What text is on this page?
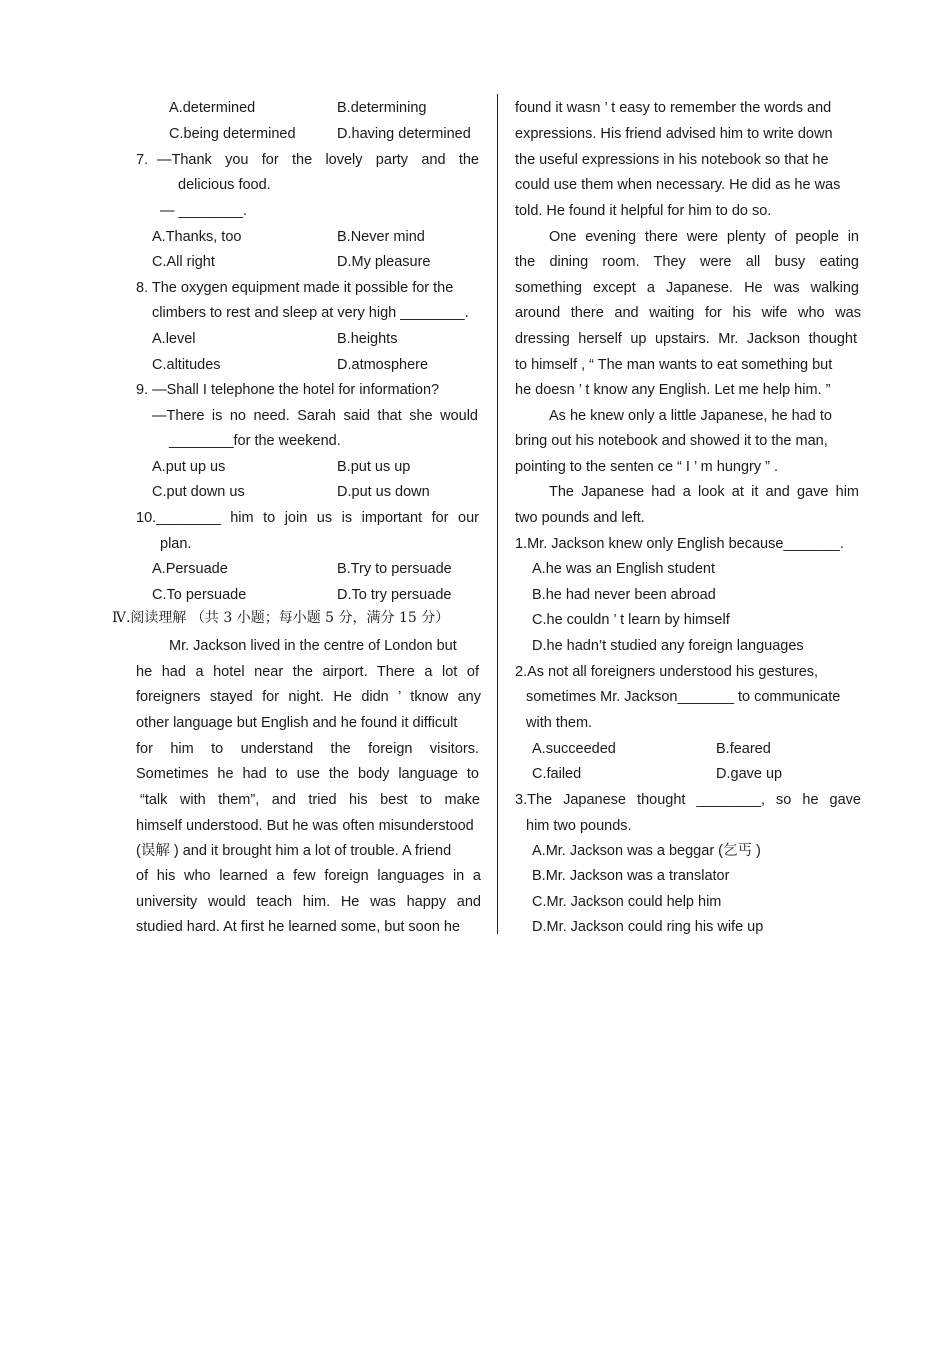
A.determined	B.determining
C.being determined	D.having determined
7. —Thank you for the lovely party and the
delicious food.
— ________.
A.Thanks, too	B.Never mind
C.All right	D.My pleasure
8. The oxygen equipment made it possible for the
climbers to rest and sleep at very high ________.
A.level	B.heights
C.altitudes	D.atmosphere
9. —Shall I telephone the hotel for information?
—There is no need. Sarah said that she would
________for the weekend.
A.put up us	B.put us up
C.put down us	D.put us down
10.________ him to join us is important for our
plan.
A.Persuade	B.Try to persuade
C.To persuade	D.To try persuade
Ⅳ.阅读理解 （共 3 小题；每小题 5 分，满分 15 分）
Mr. Jackson lived in the centre of London but
he had a hotel near the airport. There a lot of
foreigners stayed for night. He didn ’ tknow any
other language but English and he found it difficult
for him to understand the foreign visitors.
Sometimes he had to use the body language to
“talk with them”, and tried his best to make
himself understood. But he was often misunderstood
(误解 ) and it brought him a lot of trouble. A friend
of his who learned a few foreign languages in a
university would teach him. He was happy and
studied hard. At first he learned some, but soon he
found it wasn ’ t easy to remember the words and
expressions. His friend advised him to write down
the useful expressions in his notebook so that he
could use them when necessary. He did as he was
told. He found it helpful for him to do so.
One evening there were plenty of people in
the dining room. They were all busy eating
something except a Japanese. He was walking
around there and waiting for his wife who was
dressing herself up upstairs. Mr. Jackson thought
to himself , “ The man wants to eat something but
he doesn ’ t know any English. Let me help him. ”
As he knew only a little Japanese, he had to
bring out his notebook and showed it to the man,
pointing to the senten ce “ I ’ m hungry ” .
The Japanese had a look at it and gave him
two pounds and left.
1.Mr. Jackson knew only English because_______.
A.he was an English student
B.he had never been abroad
C.he couldn ’ t learn by himself
D.he hadn’t studied any foreign languages
2.As not all foreigners understood his gestures,
sometimes Mr. Jackson_______ to communicate
with them.
A.succeeded	B.feared
C.failed	D.gave up
3.The Japanese thought ________, so he gave
him two pounds.
A.Mr. Jackson was a beggar (乞丐 )
B.Mr. Jackson was a translator
C.Mr. Jackson could help him
D.Mr. Jackson could ring his wife up
